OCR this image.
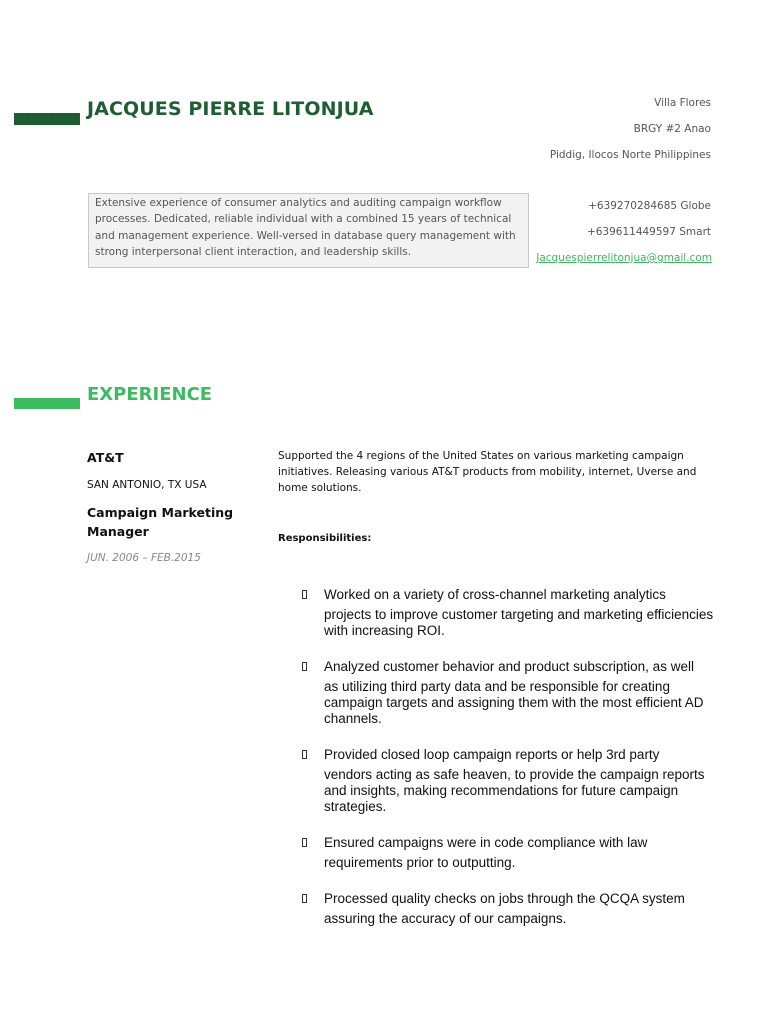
JACQUES PIERRE LITONJUA	Villa Flores
BRGY #2 Anao
Piddig, Ilocos Norte Philippines
Extensive experience of consumer analytics and auditing campaign workflow processes. Dedicated, reliable individual with a combined 15 years of technical and management experience. Well-versed in database query management with strong interpersonal client interaction, and leadership skills.
+639270284685 Globe
+639611449597 Smart
Jacquespierrelitonjua@gmail.com
EXPERIENCE
AT&T
SAN ANTONIO, TX USA
Campaign Marketing Manager
JUN. 2006 – FEB.2015
Supported the 4 regions of the United States on various marketing campaign initiatives. Releasing various AT&T products from mobility, internet, Uverse and home solutions.
Responsibilities:
Worked on a variety of cross-channel marketing analytics
projects to improve customer targeting and marketing efficiencies with increasing ROI.
Analyzed customer behavior and product subscription, as well
as utilizing third party data and be responsible for creating campaign targets and assigning them with the most efficient AD channels.
Provided closed loop campaign reports or help 3rd party
vendors acting as safe heaven, to provide the campaign reports and insights, making recommendations for future campaign strategies.
Ensured campaigns were in code compliance with law
requirements prior to outputting.
Processed quality checks on jobs through the QCQA system
assuring the accuracy of our campaigns.
